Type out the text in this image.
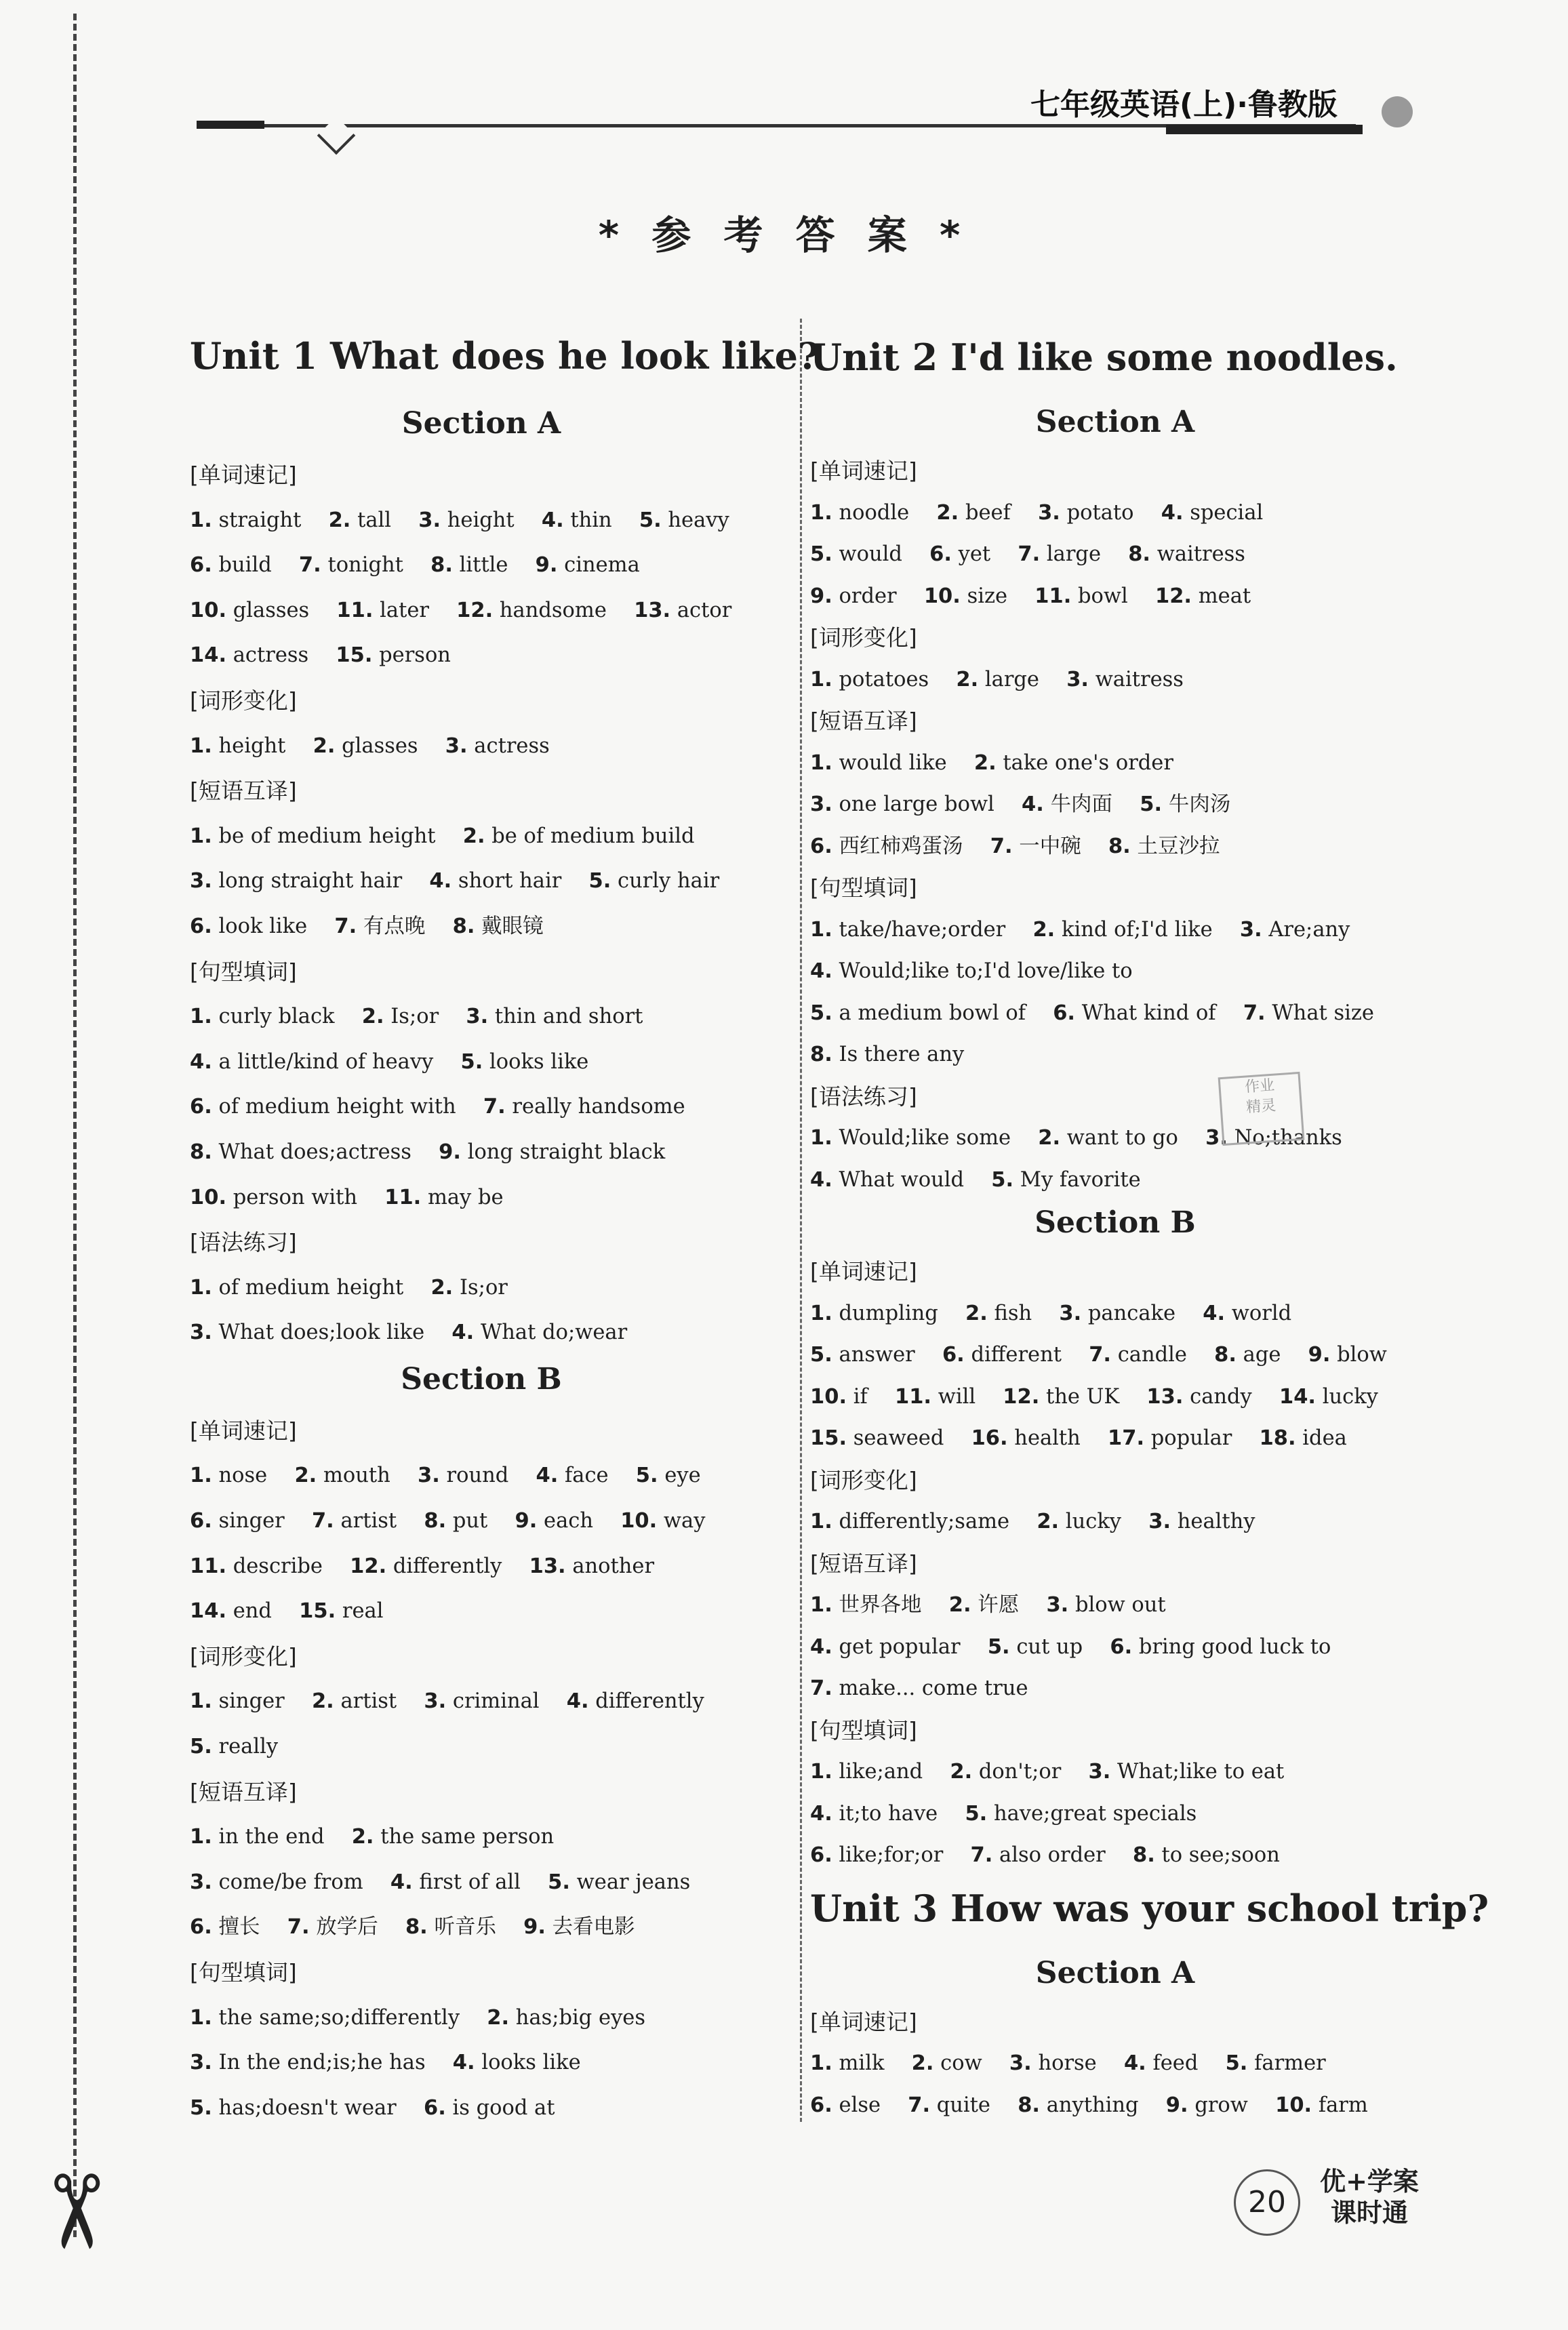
✂
七年级英语(上)·鲁教版
* 参 考 答 案 *
Unit 1 What does he look like?
Section A
[单词速记]
1. straight  2. tall  3. height  4. thin  5. heavy
6. build  7. tonight  8. little  9. cinema
10. glasses  11. later  12. handsome  13. actor
14. actress  15. person
[词形变化]
1. height  2. glasses  3. actress
[短语互译]
1. be of medium height  2. be of medium build
3. long straight hair  4. short hair  5. curly hair
6. look like  7. 有点晚  8. 戴眼镜
[句型填词]
1. curly black  2. Is;or  3. thin and short
4. a little/kind of heavy  5. looks like
6. of medium height with  7. really handsome
8. What does;actress  9. long straight black
10. person with  11. may be
[语法练习]
1. of medium height  2. Is;or
3. What does;look like  4. What do;wear
Section B
[单词速记]
1. nose  2. mouth  3. round  4. face  5. eye
6. singer  7. artist  8. put  9. each  10. way
11. describe  12. differently  13. another
14. end  15. real
[词形变化]
1. singer  2. artist  3. criminal  4. differently
5. really
[短语互译]
1. in the end  2. the same person
3. come/be from  4. first of all  5. wear jeans
6. 擅长  7. 放学后  8. 听音乐  9. 去看电影
[句型填词]
1. the same;so;differently  2. has;big eyes
3. In the end;is;he has  4. looks like
5. has;doesn't wear  6. is good at
Unit 2 I'd like some noodles.
Section A
[单词速记]
1. noodle  2. beef  3. potato  4. special
5. would  6. yet  7. large  8. waitress
9. order  10. size  11. bowl  12. meat
[词形变化]
1. potatoes  2. large  3. waitress
[短语互译]
1. would like  2. take one's order
3. one large bowl  4. 牛肉面  5. 牛肉汤
6. 西红柿鸡蛋汤  7. 一中碗  8. 土豆沙拉
[句型填词]
1. take/have;order  2. kind of;I'd like  3. Are;any
4. Would;like to;I'd love/like to
5. a medium bowl of  6. What kind of  7. What size
8. Is there any
[语法练习]
1. Would;like some  2. want to go  3. No;thanks
4. What would  5. My favorite
Section B
[单词速记]
1. dumpling  2. fish  3. pancake  4. world
5. answer  6. different  7. candle  8. age  9. blow
10. if  11. will  12. the UK  13. candy  14. lucky
15. seaweed  16. health  17. popular  18. idea
[词形变化]
1. differently;same  2. lucky  3. healthy
[短语互译]
1. 世界各地  2. 许愿  3. blow out
4. get popular  5. cut up  6. bring good luck to
7. make... come true
[句型填词]
1. like;and  2. don't;or  3. What;like to eat
4. it;to have  5. have;great specials
6. like;for;or  7. also order  8. to see;soon
Unit 3 How was your school trip?
Section A
[单词速记]
1. milk  2. cow  3. horse  4. feed  5. farmer
6. else  7. quite  8. anything  9. grow  10. farm
作业
精灵
20
优+学案
课时通
